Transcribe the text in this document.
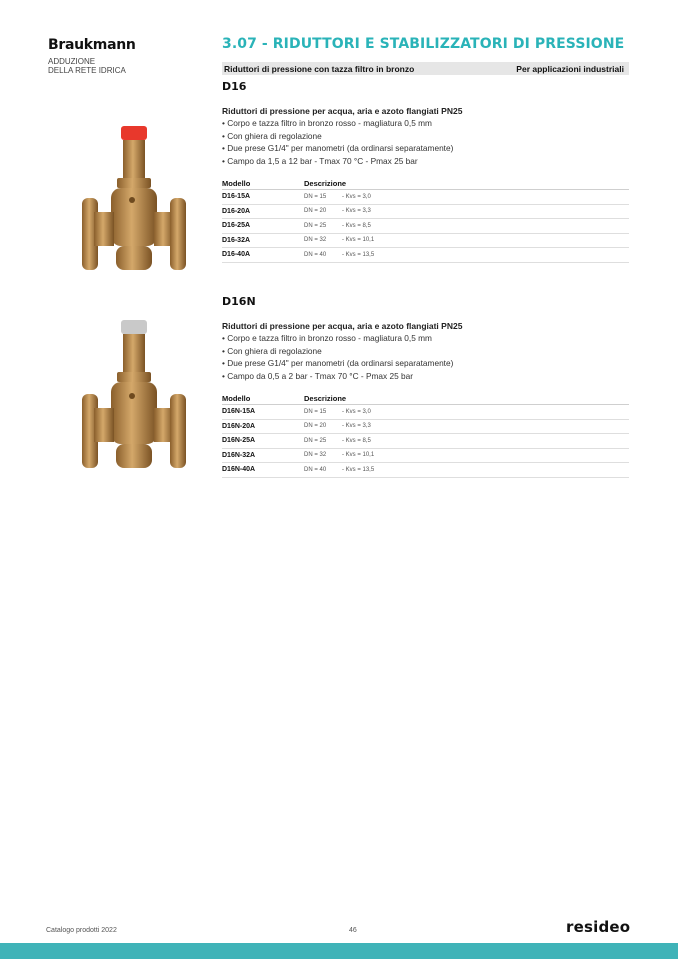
Braukmann
ADDUZIONE
DELLA RETE IDRICA
3.07 - RIDUTTORI E STABILIZZATORI DI PRESSIONE
Riduttori di pressione con tazza filtro in bronzo	Per applicazioni industriali
D16
Riduttori di pressione per acqua, aria e azoto flangiati PN25
• Corpo e tazza filtro in bronzo rosso - magliatura 0,5 mm
• Con ghiera di regolazione
• Due prese G1/4" per manometri (da ordinarsi separatamente)
• Campo da 1,5 a 12 bar - Tmax 70 °C - Pmax 25 bar
Modello	Descrizione
D16-15A	DN = 15	- Kvs = 3,0
D16-20A	DN = 20	- Kvs = 3,3
D16-25A	DN = 25	- Kvs = 8,5
D16-32A	DN = 32	- Kvs = 10,1
D16-40A	DN = 40	- Kvs = 13,5
D16N
Riduttori di pressione per acqua, aria e azoto flangiati PN25
• Corpo e tazza filtro in bronzo rosso - magliatura 0,5 mm
• Con ghiera di regolazione
• Due prese G1/4" per manometri (da ordinarsi separatamente)
• Campo da 0,5 a 2 bar - Tmax 70 °C - Pmax 25 bar
Modello	Descrizione
D16N-15A	DN = 15	- Kvs = 3,0
D16N-20A	DN = 20	- Kvs = 3,3
D16N-25A	DN = 25	- Kvs = 8,5
D16N-32A	DN = 32	- Kvs = 10,1
D16N-40A	DN = 40	- Kvs = 13,5
Catalogo prodotti 2022	46	resideo
